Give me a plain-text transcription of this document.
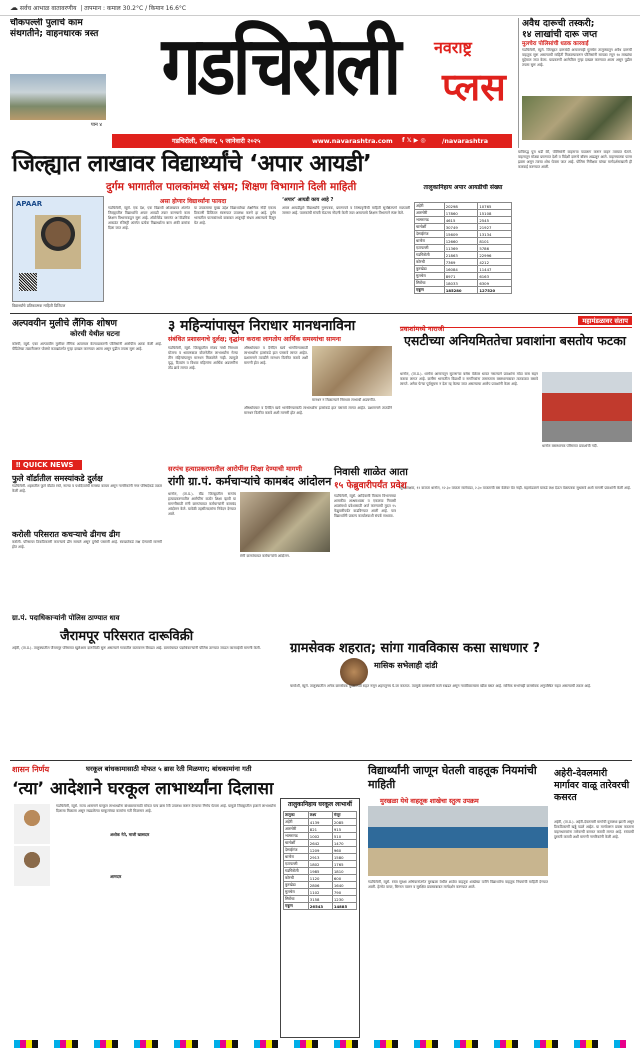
☁ सर्वच आभाळ वातावरणीय  | तापमान : कमाल 30.2°C / किमान 16.6°C
चौकपल्ली पुलाचे काम संथगतीने; वाहनधारक त्रस्त
पान ४
गडचिरोली	नवराष्ट्र
प्लस
गडचिरोली, रविवार, ५ जानेवारी २०२५	www.navarashtra.com f 𝕏 ▶ ◎	/navarashtra
अवैध दारूची तस्करी;
१४ लाखांची दारू जप्त
मुलचेरा पोलिसांची धडक कारवाई
गडचिरोली, ब्युरो. जिल्ह्यात दारूबंदी असतानाही मुलचेरा तालुक्यातून अवैध दारूची वाहतूक सुरू असल्याची माहिती मिळाल्यावरून पोलिसांनी सापळा रचून १४ लाखांचा मुद्देमाल जप्त केला. याप्रकरणी आरोपींवर गुन्हा दाखल करण्यात आला असून पुढील तपास सुरू आहे.
जिल्ह्यात लाखावर विद्यार्थ्यांचे ‘अपार आयडी’
दुर्गम भागातील पालकांमध्ये संभ्रम; शिक्षण विभागाने दिली माहिती
APAAR
विद्यार्थ्यांचे प्रतिकात्मक माहिती डिजिटल
असा होणार विद्यार्थ्यांना फायदा
गडचिरोली, ब्युरो. एक देश, एक विद्यार्थी ओळखपत्र अंतर्गत जिल्ह्यातील विद्यार्थ्यांचे अपार आयडी तयार करण्याचे काम शिक्षण विभागाकडून सुरू आहे. ऑटोमेटेड परमनंट अॅकॅडमिक अकाउंट रजिस्ट्री अंतर्गत प्रत्येक विद्यार्थ्याला बारा अंकी क्रमांक दिला जात आहे.
या उपक्रमाचा मुख्य उद्देश विद्यार्थ्यांच्या शैक्षणिक नोंदी एकाच ठिकाणी डिजिटल स्वरूपात उपलब्ध करणे हा आहे. दुर्गम भागातील पालकांमध्ये याबाबत अजूनही संभ्रम असल्याचे दिसून येत आहे.
‘अपार’ आयडी काय आहे ?
अपार आयडीद्वारे विद्यार्थ्यांचे गुणपत्रक, प्रमाणपत्रे व शिष्यवृत्तीची माहिती सुरक्षितपणे साठवली जाणार आहे. पालकांची संमती घेऊनच नोंदणी केली जात असल्याचे शिक्षण विभागाने स्पष्ट केले.
तालुकानिहाय अपार आयडीची संख्या
अहेरी	20298	10765
आरमोरी	17860	15108
भामरागड	4615	2545
चामोर्शी	30749	21927
देसाईगंज	15609	13134
धानोरा	12660	8101
एटापल्ली	11369	5786
गडचिरोली	21863	22996
कोरची	7369	4212
कुरखेडा	16084	11447
मुलचेरा	8971	6163
सिरोंचा	18033	6309
एकूण	185280	127520
याविरुद्ध पुरा धडी की, पोलिसांनी वाहनाचा पाठलाग करून वाहन ताब्यात घेतले. वाहनातून मोठ्या प्रमाणात देशी व विदेशी दारूचे बॉक्स आढळून आले. वाहनचालक फरार झाला असून त्याचा शोध घेतला जात आहे. पोलिस निरीक्षक यांच्या मार्गदर्शनाखाली ही कारवाई करण्यात आली.
अल्पवयीन मुलीचे लैंगिक शोषण
कोरची येथील घटना
कोरची, ब्युरो. एका अल्पवयीन मुलीवर लैंगिक अत्याचार केल्याप्रकरणी पोलिसांनी आरोपीस अटक केली आहे. पीडितेच्या तक्रारीवरून पोक्सो कायद्यांतर्गत गुन्हा दाखल करण्यात आला असून पुढील तपास सुरू आहे.
३ महिन्यांपासून निराधार मानधनाविना
संबंधित प्रशासनाचे दुर्लक्ष; वृद्धांना करावा लागतोय आर्थिक समस्यांचा सामना
गडचिरोली, ब्युरो. जिल्ह्यातील संजय गांधी निराधार योजना व श्रावणबाळ योजनेतील लाभार्थ्यांना गेल्या तीन महिन्यांपासून मानधन मिळालेले नाही. त्यामुळे वृद्ध, दिव्यांग व विधवा महिलांना आर्थिक अडचणींना तोंड द्यावे लागत आहे.
औषधोपचार व दैनंदिन खर्च भागविण्यासाठी लाभार्थ्यांना इतरांकडे हात पसरावे लागत आहेत. प्रशासनाने तातडीने मानधन वितरित करावे अशी मागणी होत आहे.
मानधन न मिळाल्याने निराधार लाभार्थी अडचणीत.
औषधोपचार व दैनंदिन खर्च भागविण्यासाठी लाभार्थ्यांना इतरांकडे हात पसरावे लागत आहेत. प्रशासनाने तातडीने मानधन वितरित करावे अशी मागणी होत आहे.
प्रवाशांमध्ये नाराजी
महामंडळावर संताप
एसटीच्या अनियमिततेचा प्रवाशांना बसतोय फटका
धानोरा, (ता.प्र.). धानोरा आगारातून सुटणाऱ्या बसेस वेळेवर धावत नसल्याने प्रवाशांना मोठा त्रास सहन करावा लागत आहे. ग्रामीण भागातील विद्यार्थी व नागरिकांना तासनतास बसस्थानकावर ताटकळत बसावे लागते. अनेक फेऱ्या पूर्वसूचना न देता रद्द केल्या जात असल्याचा आरोप प्रवाशांनी केला आहे.
धानोरा बसस्थानक परिसरात प्रवाशांची गर्दी.
सुरक्षारक्षक, १२ वाजता धानोरा, १२.३० वाजता मालेवाडा, २.३० वाजताची बस वेळेवर येत नाही. महामंडळाने याकडे लक्ष देऊन वेळापत्रक सुधारावे अशी मागणी प्रवाशांनी केली आहे.
‼ QUICK NEWS
फुले वॉर्डातील समस्यांकडे दुर्लक्ष
गडचिरोली. शहरातील फुले वॉर्डात रस्ते, नाल्या व पथदिव्यांची समस्या कायम असून नागरिकांनी नगर परिषदेकडे तक्रार केली आहे.
करोली परिसरात कचऱ्याचे ढीगच ढीग
करोली. परिसरात ठिकठिकाणी कचऱ्याचे ढीग साचले असून दुर्गंधी पसरली आहे. स्वच्छतेकडे लक्ष देण्याची मागणी होत आहे.
सरपंच हत्याप्रकरणातील आरोपींना शिक्षा देण्याची मागणी
रांगी ग्रा.पं. कर्मचाऱ्यांचे कामबंद आंदोलन
धानोरा, (ता.प्र.). बीड जिल्ह्यातील सरपंच हत्याप्रकरणातील आरोपींना कठोर शिक्षा व्हावी या मागणीसाठी रांगी ग्रामपंचायत कर्मचाऱ्यांनी कामबंद आंदोलन केले. यावेळी तहसीलदारांना निवेदन देण्यात आले.
रांगी ग्रामपंचायत कर्मचाऱ्यांचे आंदोलन.
निवासी शाळेत आता
१५ फेब्रुवारीपर्यंत प्रवेश
गडचिरोली, ब्युरो. आदिवासी विकास विभागाच्या शासकीय आश्रमशाळा व एकलव्य निवासी शाळांमध्ये प्रवेशासाठी अर्ज करण्याची मुदत १५ फेब्रुवारीपर्यंत वाढविण्यात आली आहे. पात्र विद्यार्थ्यांनी प्रकल्प कार्यालयाशी संपर्क साधावा.
ग्रा.पं. पदाधिकाऱ्यांनी पोलिस ठाण्यात धाव
जैरामपूर परिसरात दारूविक्री
अहेरी, (ता.प्र.). तालुक्यातील जैरामपूर परिसरात खुलेआम दारूविक्री सुरू असल्याने गावातील वातावरण बिघडत आहे. ग्रामपंचायत पदाधिकाऱ्यांनी पोलिस ठाण्यात जाऊन कारवाईची मागणी केली.	ग्रामसेवक शहरात; सांगा गावविकास कसा साधणार ?
मासिक सभेलाही दांडी
चामोर्शी, ब्युरो. तालुक्यातील अनेक ग्रामसेवक मुख्यालयी राहत नसून शहरातूनच ये-जा करतात. त्यामुळे ग्रामस्थांची कामे रखडत असून गावविकासाला खीळ बसत आहे. मासिक सभांनाही ग्रामसेवक अनुपस्थित राहत असल्याची तक्रार आहे.
शासन निर्णय	घरकूल बांधकामासाठी मोफत ५ ब्रास रेती मिळणार; बांधकामांना गती
‘त्या’ आदेशाने घरकूल लाभार्थ्यांना दिलासा
अशोक नेते, माजी खासदार
आमदार
गडचिरोली, ब्युरो. राज्य शासनाने घरकूल लाभार्थ्यांना बांधकामासाठी मोफत पाच ब्रास रेती उपलब्ध करून देण्याचा निर्णय घेतला आहे. यामुळे जिल्ह्यातील हजारो लाभार्थ्यांना दिलासा मिळाला असून रखडलेल्या घरकुलांच्या कामांना गती मिळणार आहे.
तालुकानिहाय घरकूल लाभार्थी
तालुका	लक्ष्य	मंजूर
अहेरी	4139	2085
आरमोरी	821	915
भामरागड	1002	510
चामोर्शी	2642	1470
देसाईगंज	1209	960
धानोरा	2913	1580
एटापल्ली	1802	1765
गडचिरोली	1985	1810
कोरची	1120	600
कुरखेडा	2806	1640
मुलचेरा	1102	790
सिरोंचा	3158	1230
एकूण	26543	14885
विद्यार्थ्यांनी जाणून घेतली वाहतूक नियमांची माहिती
मुरखळा येथे वाहतूक शाखेचा स्तुत्य उपक्रम
गडचिरोली, ब्युरो. रस्ता सुरक्षा अभियानांतर्गत मुरखळा येथील शाळेत वाहतूक शाखेच्या वतीने विद्यार्थ्यांना वाहतूक नियमांची माहिती देण्यात आली. हेल्मेट वापर, सिग्नल पालन व सुरक्षित प्रवासाबाबत मार्गदर्शन करण्यात आले.
अहेरी-देवलमारी मार्गावर वाळू तारेवरची कसरत
अहेरी, (ता.प्र.). अहेरी-देवलमारी मार्गाची दुरवस्था झाली असून ठिकठिकाणी खड्डे पडले आहेत. या मार्गावरून प्रवास करताना वाहनधारकांना तारेवरची कसरत करावी लागत आहे. रस्त्याची दुरुस्ती करावी अशी मागणी नागरिकांनी केली आहे.
